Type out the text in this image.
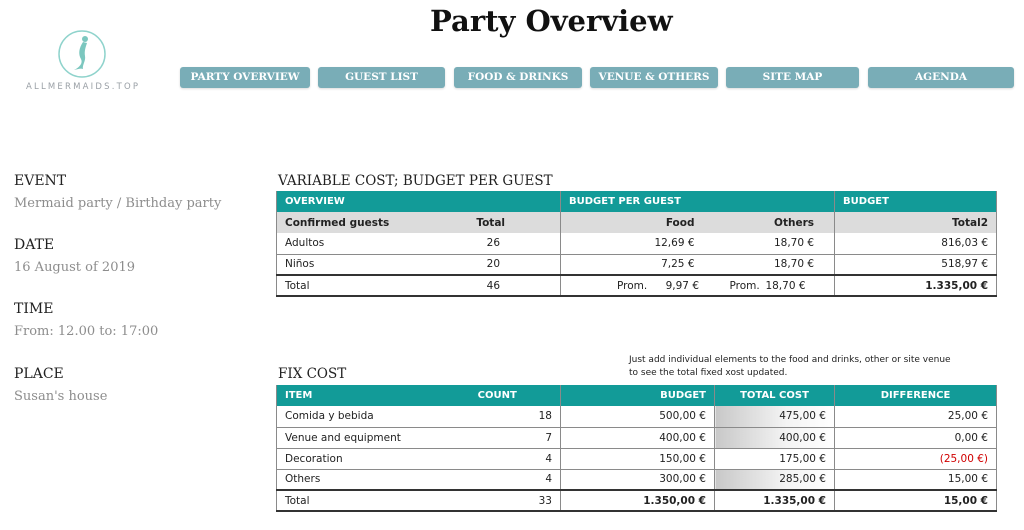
ALLMERMAIDS.TOP
Party Overview
PARTY OVERVIEW	GUEST LIST	FOOD & DRINKS	VENUE & OTHERS	SITE MAP	AGENDA
EVENT
Mermaid party / Birthday party
DATE
16 August of 2019
TIME
From: 12.00 to: 17:00
PLACE
Susan's house
VARIABLE COST; BUDGET PER GUEST
OVERVIEW		BUDGET PER GUEST		BUDGET
Confirmed guests	Total	Food	Others	Total2
Adultos	26	12,69 €	18,70 €	816,03 €
Niños	20	7,25 €	18,70 €	518,97 €
Total	46	Prom. 9,97 €	Prom. 18,70 €	1.335,00 €
Just add individual elements to the food and drinks, other or site venue
to see the total fixed xost updated.
FIX COST
ITEM	COUNT	BUDGET	TOTAL COST	DIFFERENCE
Comida y bebida	18	500,00 €	475,00 €	25,00 €
Venue and equipment	7	400,00 €	400,00 €	0,00 €
Decoration	4	150,00 €	175,00 €	(25,00 €)
Others	4	300,00 €	285,00 €	15,00 €
Total	33	1.350,00 €	1.335,00 €	15,00 €
